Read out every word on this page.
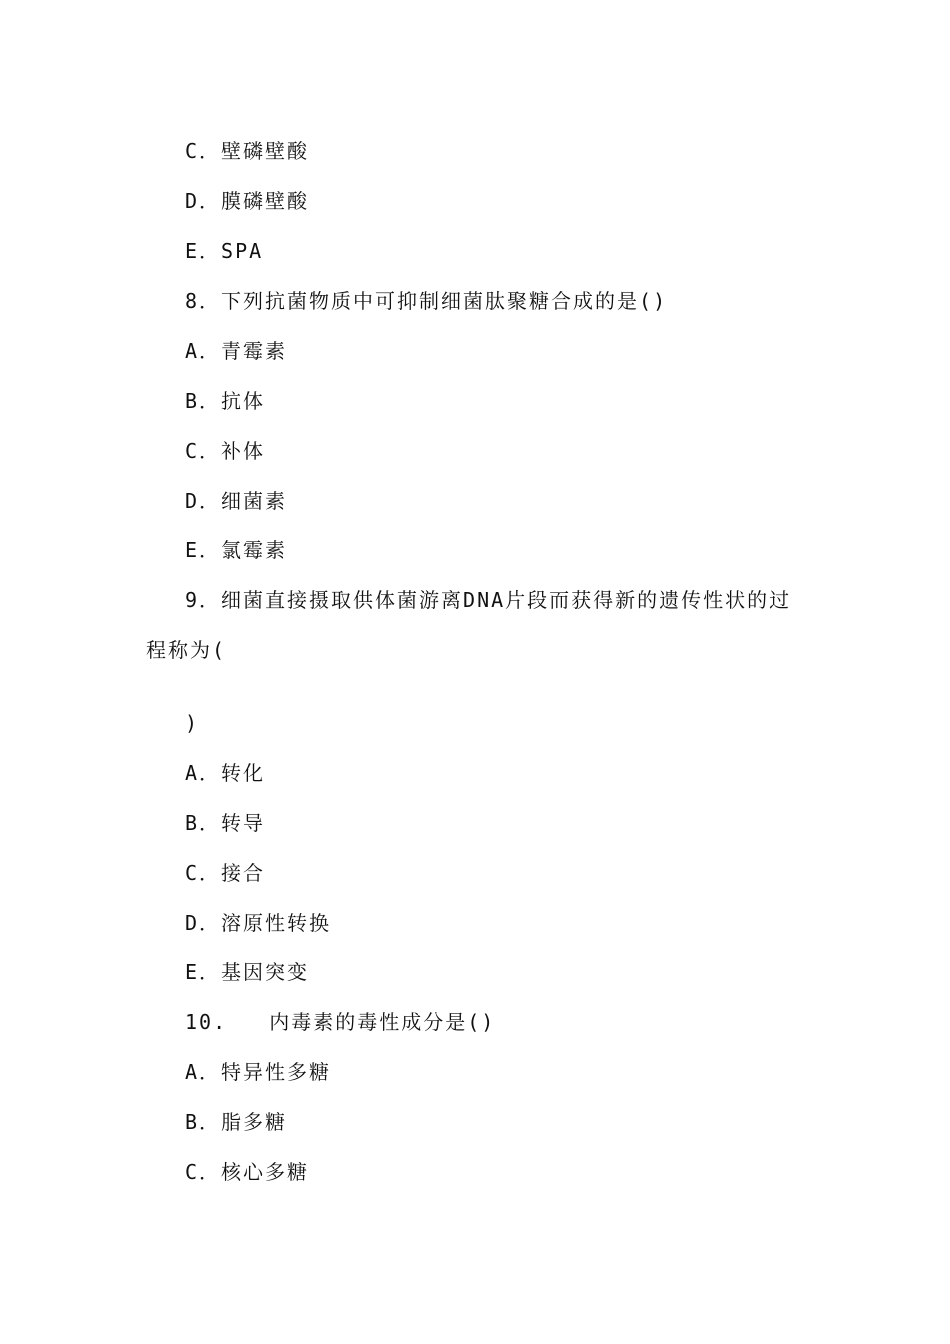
C．壁磷壁酸
D．膜磷壁酸
E．SPA
8．下列抗菌物质中可抑制细菌肽聚糖合成的是()
A．青霉素
B．抗体
C．补体
D．细菌素
E．氯霉素
9．细菌直接摄取供体菌游离DNA片段而获得新的遗传性状的过
程称为(
)
A．转化
B．转导
C．接合
D．溶原性转换
E．基因突变
10.   内毒素的毒性成分是()
A．特异性多糖
B．脂多糖
C．核心多糖
